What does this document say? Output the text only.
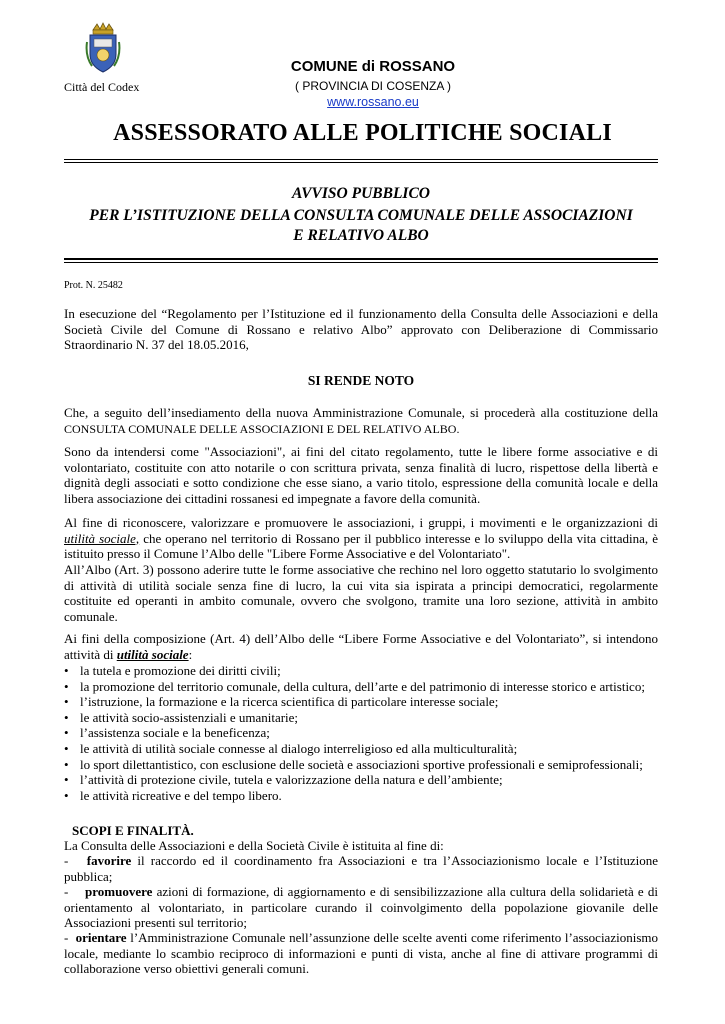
Città del Codex
COMUNE di ROSSANO
( PROVINCIA DI COSENZA )
www.rossano.eu
ASSESSORATO ALLE POLITICHE SOCIALI
AVVISO PUBBLICO
PER L’ISTITUZIONE DELLA CONSULTA COMUNALE DELLE ASSOCIAZIONI
E RELATIVO ALBO
Prot. N. 25482
In esecuzione del “Regolamento per l’Istituzione ed il funzionamento della Consulta delle Associazioni e della Società Civile del Comune di Rossano e relativo Albo” approvato con Deliberazione di Commissario Straordinario N. 37 del 18.05.2016,
SI RENDE NOTO
Che, a seguito dell’insediamento della nuova Amministrazione Comunale, si procederà alla costituzione della CONSULTA COMUNALE DELLE ASSOCIAZIONI E DEL RELATIVO ALBO.
Sono da intendersi come "Associazioni", ai fini del citato regolamento, tutte le libere forme associative e di volontariato, costituite con atto notarile o con scrittura privata, senza finalità di lucro, rispettose della libertà e dignità degli associati e sotto condizione che esse siano, a vario titolo, espressione della comunità locale e della libera associazione dei cittadini rossanesi ed impegnate a favore della comunità.
Al fine di riconoscere, valorizzare e promuovere le associazioni, i gruppi, i movimenti e le organizzazioni di utilità sociale, che operano nel territorio di Rossano per il pubblico interesse e lo sviluppo della vita cittadina, è istituito presso il Comune l’Albo delle "Libere Forme Associative e del Volontariato".
All’Albo (Art. 3) possono aderire tutte le forme associative che rechino nel loro oggetto statutario lo svolgimento di attività di utilità sociale senza fine di lucro, la cui vita sia ispirata a principi democratici, regolarmente costituite ed operanti in ambito comunale, ovvero che svolgono, tramite una loro sezione, attività in ambito comunale.
Ai fini della composizione (Art. 4) dell’Albo delle “Libere Forme Associative e del Volontariato”, si intendono attività di utilità sociale:
• la tutela e promozione dei diritti civili;
• la promozione del territorio comunale, della cultura, dell’arte e del patrimonio di interesse storico e artistico;
• l’istruzione, la formazione e la ricerca scientifica di particolare interesse sociale;
• le attività socio-assistenziali e umanitarie;
• l’assistenza sociale e la beneficenza;
• le attività di utilità sociale connesse al dialogo interreligioso ed alla multiculturalità;
• lo sport dilettantistico, con esclusione delle società e associazioni sportive professionali e semiprofessionali;
• l’attività di protezione civile, tutela e valorizzazione della natura e dell’ambiente;
• le attività ricreative e del tempo libero.
SCOPI E FINALITÀ.
La Consulta delle Associazioni e della Società Civile è istituita al fine di:
-   favorire il raccordo ed il coordinamento fra Associazioni e tra l’Associazionismo locale e l’Istituzione pubblica;
-    promuovere azioni di formazione, di aggiornamento e di sensibilizzazione alla cultura della solidarietà e di orientamento al volontariato, in particolare curando il coinvolgimento della popolazione giovanile delle Associazioni presenti sul territorio;
-  orientare l’Amministrazione Comunale nell’assunzione delle scelte aventi come riferimento l’associazionismo locale, mediante lo scambio reciproco di informazioni e punti di vista, anche al fine di attivare programmi di collaborazione verso obiettivi generali comuni.
